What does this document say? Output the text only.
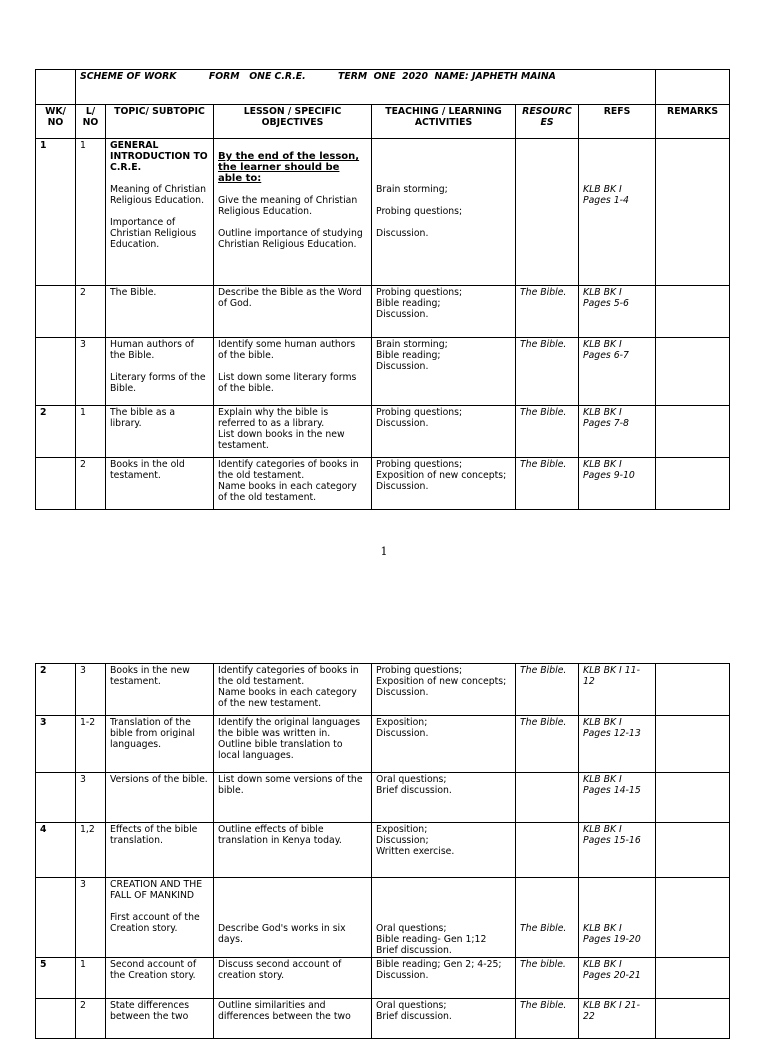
	SCHEME OF WORK FORM   ONE C.R.E. TERM  ONE  2020  NAME: JAPHETH MAINA						
WK/ NO	L/ NO	TOPIC/ SUBTOPIC	LESSON / SPECIFIC OBJECTIVES	TEACHING / LEARNING ACTIVITIES	RESOURC ES	REFS	REMARKS
1	1	GENERAL INTRODUCTION TO C.R.E.
Meaning of Christian Religious Education.
Importance of Christian Religious Education.	By the end of the lesson, the learner should be able to:
Give the meaning of Christian Religious Education.
Outline importance of studying Christian Religious Education.	Brain storming;
Probing questions;
Discussion.		KLB BK I Pages 1-4	

	2	The Bible.	Describe the Bible as the Word of God.	Probing questions;
Bible reading;
Discussion.	The Bible.	KLB BK I Pages 5-6	
	3	Human authors of the Bible.
Literary forms of the Bible.	Identify some human authors of the bible.
List down some literary forms of the bible.	Brain storming;
Bible reading;
Discussion.	The Bible.	KLB BK I Pages 6-7	
2	1	The bible as a library.	Explain why the bible is referred to as a library.
List down books in the new testament.	Probing questions;
Discussion.	The Bible.	KLB BK I Pages 7-8	
	2	Books in the old testament.	Identify categories of books in the old testament.
Name books in each category of the old testament.	Probing questions;
Exposition of new concepts;
Discussion.	The Bible.	KLB BK I Pages 9-10	
1
2	3	Books in the new testament.	Identify categories of books in the old testament.
Name books in each category of the new testament.	Probing questions;
Exposition of new concepts;
Discussion.	The Bible.	KLB BK I 11-12	
3	1-2	Translation of the bible from original languages.	Identify the original languages the bible was written in.
Outline bible translation to local languages.	Exposition;
Discussion.	The Bible.	KLB BK I Pages 12-13	
	3	Versions of the bible.	List down some versions of the bible.	Oral questions;
Brief discussion.		KLB BK I Pages 14-15	
4	1,2	Effects of the bible translation.	Outline effects of bible translation in Kenya today.	Exposition;
Discussion;
Written exercise.		KLB BK I Pages 15-16	
	3	CREATION AND THE FALL OF MANKIND
First account of the Creation story.	Describe God's works in six days.	Oral questions;
Bible reading- Gen 1;12
Brief discussion.	The Bible.	KLB BK I Pages 19-20	

5	1	Second account of the Creation story.	Discuss second account of creation story.	Bible reading; Gen 2; 4-25;
Discussion.	The bible.	KLB BK I Pages 20-21	
	2	State differences between the two	Outline similarities and differences between the two	Oral questions;
Brief discussion.	The Bible.	KLB BK I 21-22	
